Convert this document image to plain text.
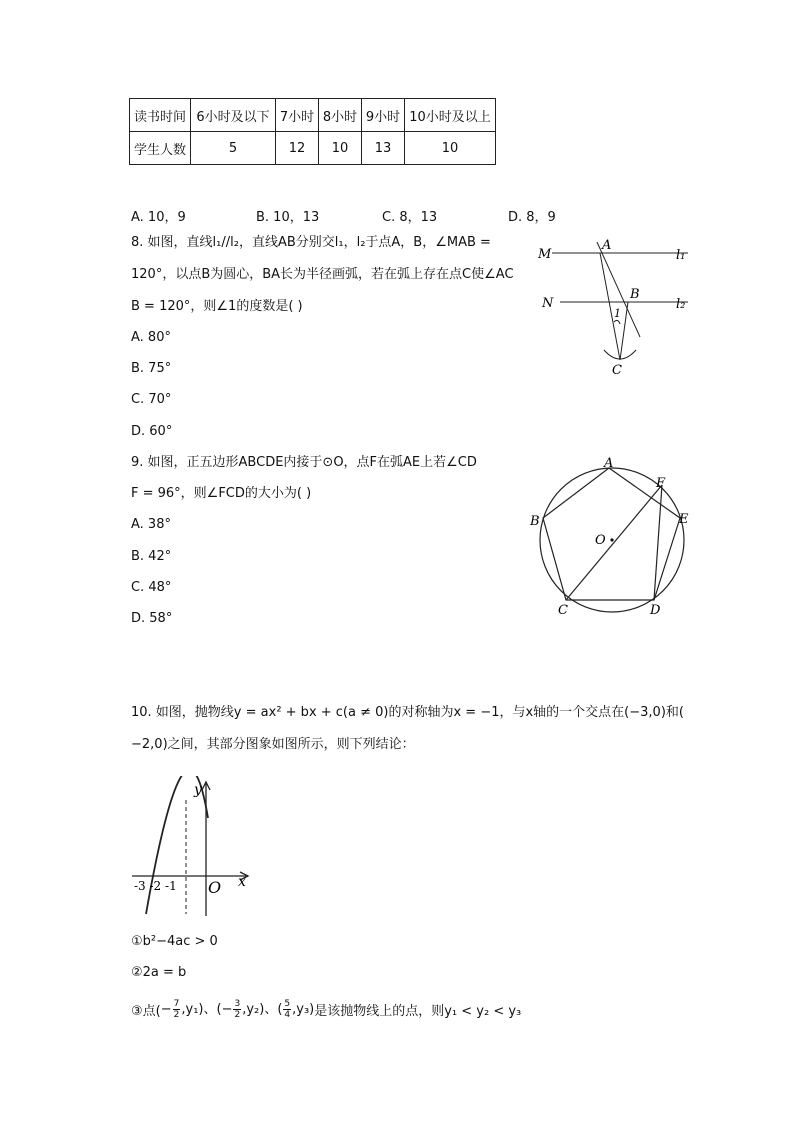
读书时间	6小时及以下	7小时	8小时	9小时	10小时及以上
学生人数	5	12	10	13	10
A. 10，9	B. 10，13	C. 8，13	D. 8，9
8. 如图，直线l₁//l₂，直线AB分别交l₁，l₂于点A，B，∠MAB =
120°，以点B为圆心，BA长为半径画弧，若在弧上存在点C使∠AC
B = 120°，则∠1的度数是( )
A. 80°
B. 75°
C. 70°
D. 60°
M
A
l₁
N
B
l₂
1
C
9. 如图，正五边形ABCDE内接于⊙O，点F在弧AE上若∠CD
F = 96°，则∠FCD的大小为( )
A. 38°
B. 42°
C. 48°
D. 58°
A
B
C	D
E
F
O
10. 如图，抛物线y = ax² + bx + c(a ≠ 0)的对称轴为x = −1，与x轴的一个交点在(−3,0)和(
−2,0)之间，其部分图象如图所示，则下列结论：
y
x
O
-3 -2 -1
①b²−4ac > 0
②2a = b
③点( − $\frac{7}{2} ,y_1$)、(− $\frac{3}{2} ,y_2$)、( $\frac{5}{4} ,y_3$) 是该抛物线上的点，则y₁ < y₂ < y₃
